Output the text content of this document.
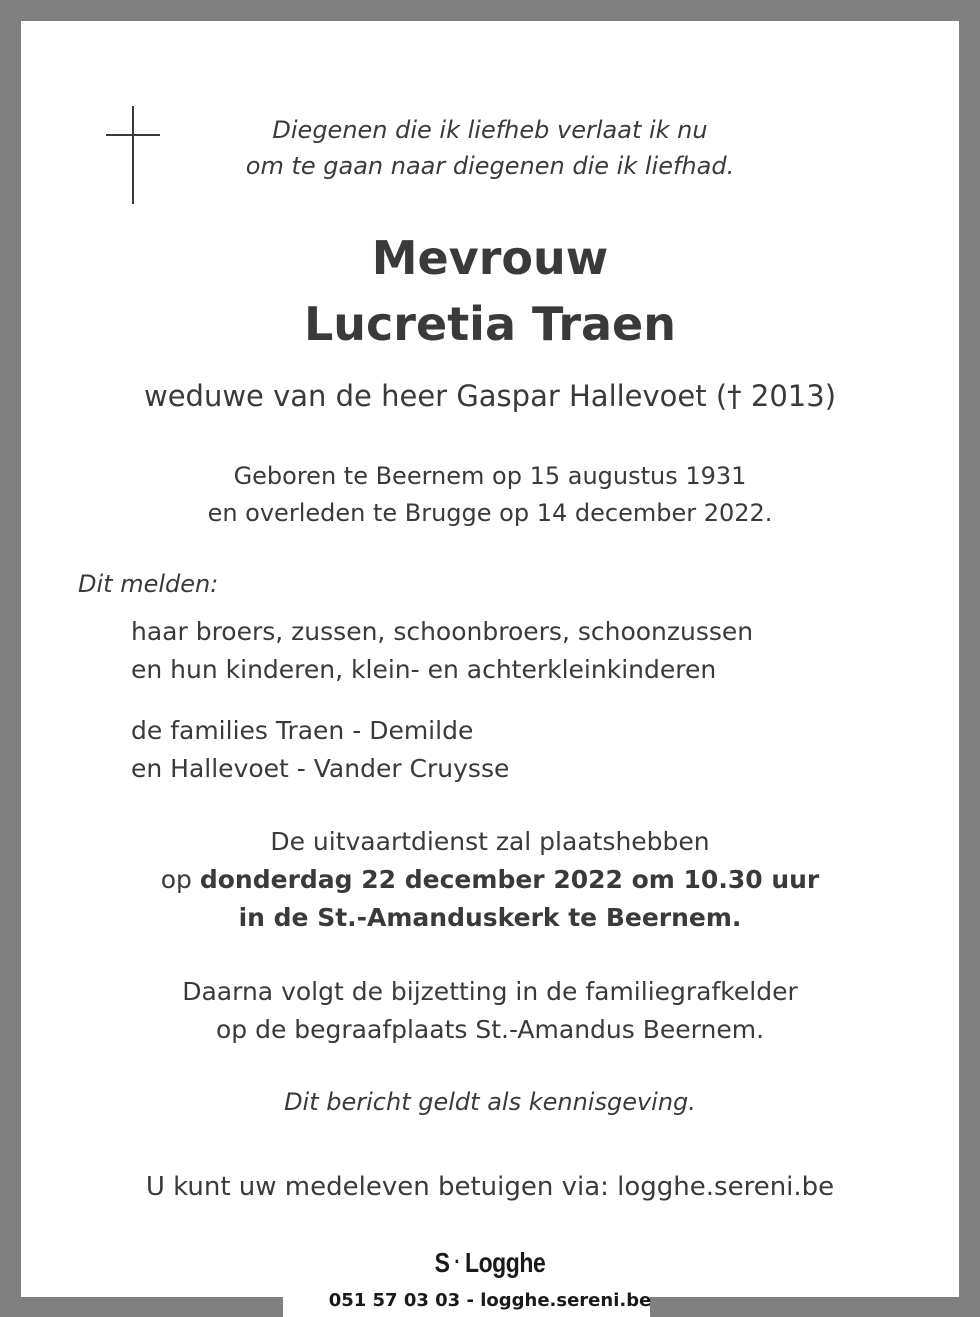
Diegenen die ik liefheb verlaat ik nu
om te gaan naar diegenen die ik liefhad.
Mevrouw
Lucretia Traen
weduwe van de heer Gaspar Hallevoet († 2013)
Geboren te Beernem op 15 augustus 1931
en overleden te Brugge op 14 december 2022.
Dit melden:
haar broers, zussen, schoonbroers, schoonzussen
en hun kinderen, klein- en achterkleinkinderen
de families Traen - Demilde
en Hallevoet - Vander Cruysse
De uitvaartdienst zal plaatshebben
op donderdag 22 december 2022 om 10.30 uur
in de St.-Amanduskerk te Beernem.
Daarna volgt de bijzetting in de familiegrafkelder
op de begraafplaats St.-Amandus Beernem.
Dit bericht geldt als kennisgeving.
U kunt uw medeleven betuigen via: logghe.sereni.be
S · Logghe
051 57 03 03 - logghe.sereni.be
